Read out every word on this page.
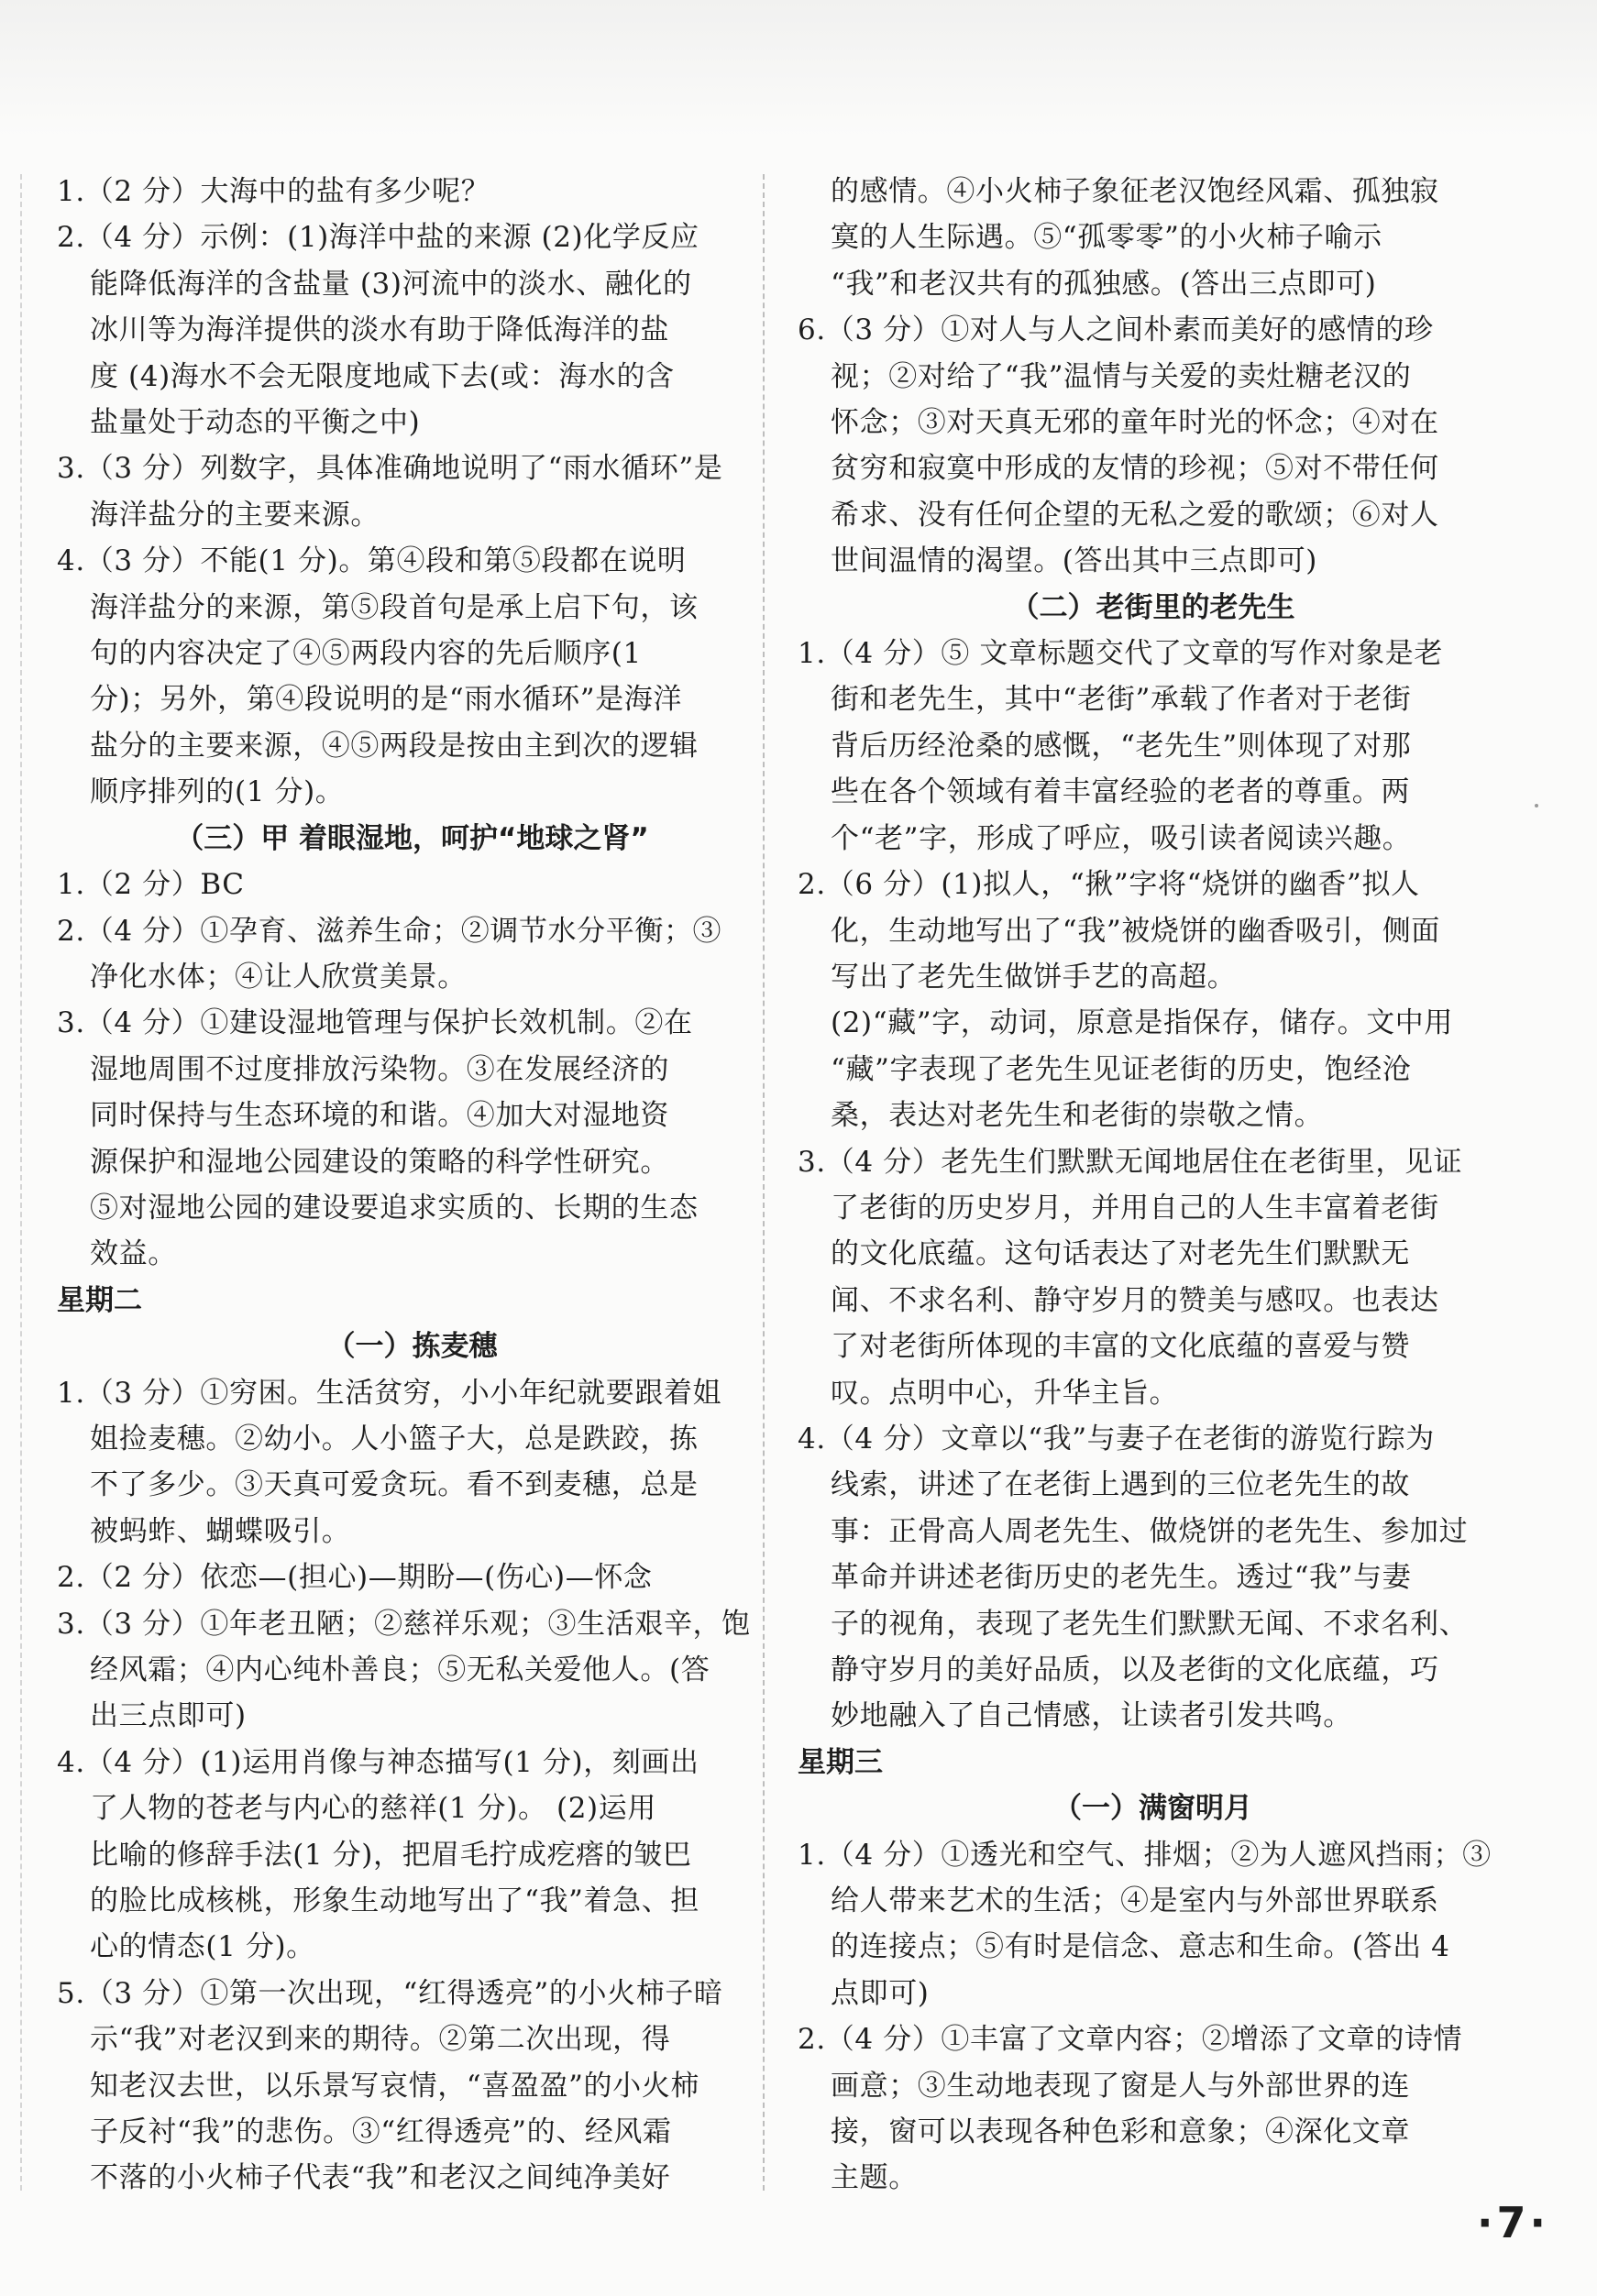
1.（2 分）大海中的盐有多少呢？
2.（4 分）示例：(1)海洋中盐的来源 (2)化学反应
能降低海洋的含盐量 (3)河流中的淡水、融化的
冰川等为海洋提供的淡水有助于降低海洋的盐
度 (4)海水不会无限度地咸下去(或：海水的含
盐量处于动态的平衡之中)
3.（3 分）列数字，具体准确地说明了“雨水循环”是
海洋盐分的主要来源。
4.（3 分）不能(1 分)。第④段和第⑤段都在说明
海洋盐分的来源，第⑤段首句是承上启下句，该
句的内容决定了④⑤两段内容的先后顺序(1
分)；另外，第④段说明的是“雨水循环”是海洋
盐分的主要来源，④⑤两段是按由主到次的逻辑
顺序排列的(1 分)。
（三）甲 着眼湿地，呵护“地球之肾”
1.（2 分）BC
2.（4 分）①孕育、滋养生命；②调节水分平衡；③
净化水体；④让人欣赏美景。
3.（4 分）①建设湿地管理与保护长效机制。②在
湿地周围不过度排放污染物。③在发展经济的
同时保持与生态环境的和谐。④加大对湿地资
源保护和湿地公园建设的策略的科学性研究。
⑤对湿地公园的建设要追求实质的、长期的生态
效益。
星期二
（一）拣麦穗
1.（3 分）①穷困。生活贫穷，小小年纪就要跟着姐
姐捡麦穗。②幼小。人小篮子大，总是跌跤，拣
不了多少。③天真可爱贪玩。看不到麦穗，总是
被蚂蚱、蝴蝶吸引。
2.（2 分）依恋—(担心)—期盼—(伤心)—怀念
3.（3 分）①年老丑陋；②慈祥乐观；③生活艰辛，饱
经风霜；④内心纯朴善良；⑤无私关爱他人。(答
出三点即可)
4.（4 分）(1)运用肖像与神态描写(1 分)，刻画出
了人物的苍老与内心的慈祥(1 分)。 (2)运用
比喻的修辞手法(1 分)，把眉毛拧成疙瘩的皱巴
的脸比成核桃，形象生动地写出了“我”着急、担
心的情态(1 分)。
5.（3 分）①第一次出现，“红得透亮”的小火柿子暗
示“我”对老汉到来的期待。②第二次出现，得
知老汉去世，以乐景写哀情，“喜盈盈”的小火柿
子反衬“我”的悲伤。③“红得透亮”的、经风霜
不落的小火柿子代表“我”和老汉之间纯净美好
的感情。④小火柿子象征老汉饱经风霜、孤独寂
寞的人生际遇。⑤“孤零零”的小火柿子喻示
“我”和老汉共有的孤独感。(答出三点即可)
6.（3 分）①对人与人之间朴素而美好的感情的珍
视；②对给了“我”温情与关爱的卖灶糖老汉的
怀念；③对天真无邪的童年时光的怀念；④对在
贫穷和寂寞中形成的友情的珍视；⑤对不带任何
希求、没有任何企望的无私之爱的歌颂；⑥对人
世间温情的渴望。(答出其中三点即可)
（二）老街里的老先生
1.（4 分）⑤ 文章标题交代了文章的写作对象是老
街和老先生，其中“老街”承载了作者对于老街
背后历经沧桑的感慨，“老先生”则体现了对那
些在各个领域有着丰富经验的老者的尊重。两
个“老”字，形成了呼应，吸引读者阅读兴趣。
2.（6 分）(1)拟人，“揪”字将“烧饼的幽香”拟人
化，生动地写出了“我”被烧饼的幽香吸引，侧面
写出了老先生做饼手艺的高超。
(2)“藏”字，动词，原意是指保存，储存。文中用
“藏”字表现了老先生见证老街的历史，饱经沧
桑，表达对老先生和老街的崇敬之情。
3.（4 分）老先生们默默无闻地居住在老街里，见证
了老街的历史岁月，并用自己的人生丰富着老街
的文化底蕴。这句话表达了对老先生们默默无
闻、不求名利、静守岁月的赞美与感叹。也表达
了对老街所体现的丰富的文化底蕴的喜爱与赞
叹。点明中心，升华主旨。
4.（4 分）文章以“我”与妻子在老街的游览行踪为
线索，讲述了在老街上遇到的三位老先生的故
事：正骨高人周老先生、做烧饼的老先生、参加过
革命并讲述老街历史的老先生。透过“我”与妻
子的视角，表现了老先生们默默无闻、不求名利、
静守岁月的美好品质，以及老街的文化底蕴，巧
妙地融入了自己情感，让读者引发共鸣。
星期三
（一）满窗明月
1.（4 分）①透光和空气、排烟；②为人遮风挡雨；③
给人带来艺术的生活；④是室内与外部世界联系
的连接点；⑤有时是信念、意志和生命。(答出 4
点即可)
2.（4 分）①丰富了文章内容；②增添了文章的诗情
画意；③生动地表现了窗是人与外部世界的连
接，窗可以表现各种色彩和意象；④深化文章
主题。
·7·
